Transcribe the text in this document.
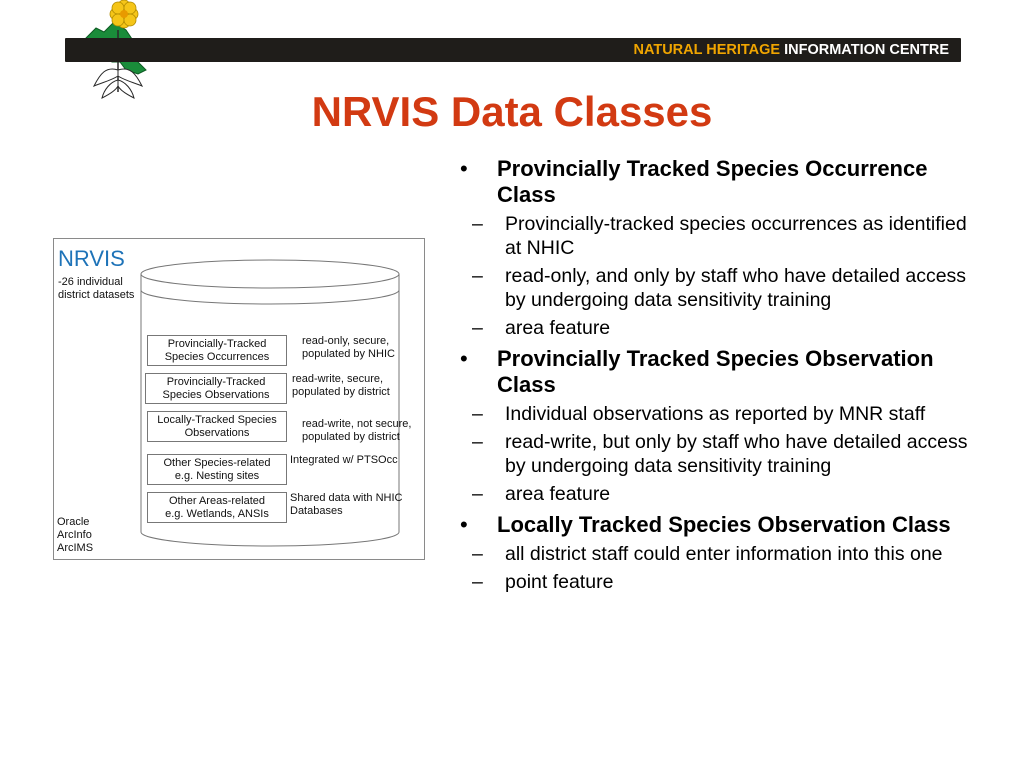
NATURAL HERITAGE INFORMATION CENTRE
NRVIS Data Classes
NRVIS
-26 individual
district datasets
Provincially-Tracked
Species Occurrences
read-only, secure,
populated by NHIC
Provincially-Tracked
Species Observations
read-write, secure,
populated by district
Locally-Tracked Species
Observations
read-write, not secure,
populated by district
Other Species-related
e.g. Nesting sites
Integrated w/ PTSOcc
Other Areas-related
e.g. Wetlands, ANSIs
Shared data with NHIC
Databases
Oracle
ArcInfo
ArcIMS
• Provincially Tracked Species Occurrence Class
– Provincially-tracked species occurrences as identified at NHIC
– read-only, and only by staff who have detailed access by undergoing data sensitivity training
– area feature
• Provincially Tracked Species Observation Class
– Individual observations as reported by MNR staff
– read-write, but only by staff who have detailed access by undergoing data sensitivity training
– area feature
• Locally Tracked Species Observation Class
– all district staff could enter information into this one
– point feature
